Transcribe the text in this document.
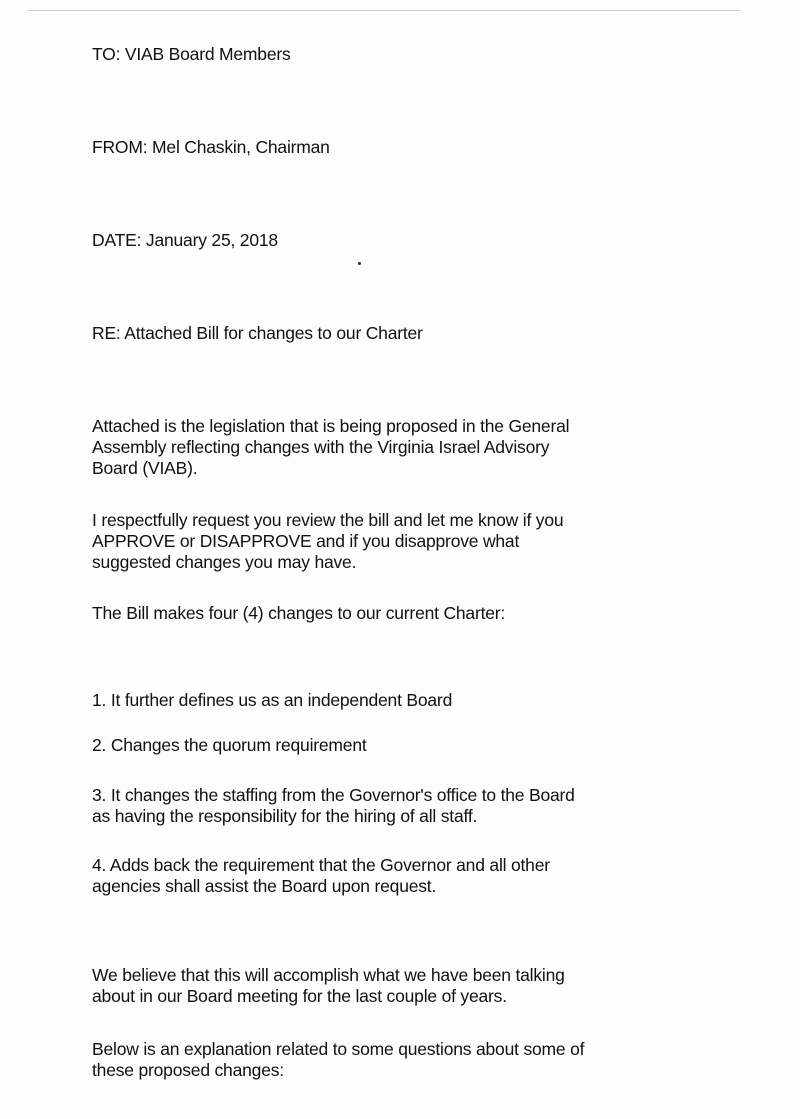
TO: VIAB Board Members
FROM: Mel Chaskin, Chairman
DATE: January 25, 2018
RE: Attached Bill for changes to our Charter
Attached is the legislation that is being proposed in the General
Assembly reflecting changes with the Virginia Israel Advisory
Board (VIAB).
I respectfully request you review the bill and let me know if you
APPROVE or DISAPPROVE and if you disapprove what
suggested changes you may have.
The Bill makes four (4) changes to our current Charter:
1. It further defines us as an independent Board
2. Changes the quorum requirement
3. It changes the staffing from the Governor's office to the Board
as having the responsibility for the hiring of all staff.
4. Adds back the requirement that the Governor and all other
agencies shall assist the Board upon request.
We believe that this will accomplish what we have been talking
about in our Board meeting for the last couple of years.
Below is an explanation related to some questions about some of
these proposed changes:
